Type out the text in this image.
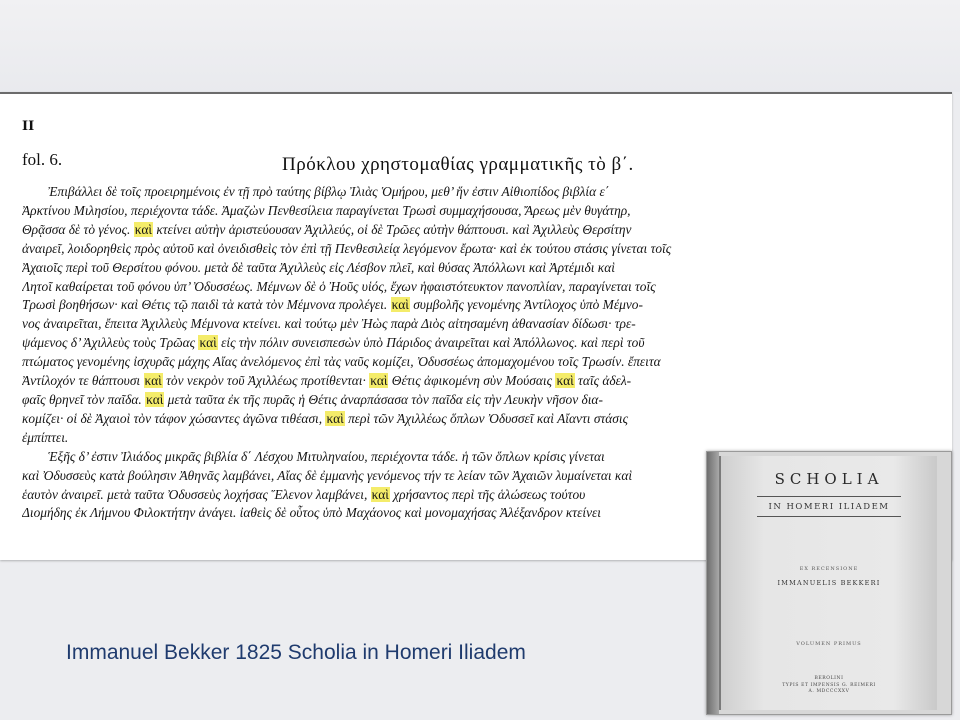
II
fol. 6.	Πρόκλου χρηστομαθίας γραμματικῆς τὸ β΄.
Ἐπιβάλλει δὲ τοῖς προειρημένοις ἐν τῇ πρὸ ταύτης βίβλῳ Ἰλιὰς Ὁμήρου, μεθ’ ἥν ἐστιν Αἰθιοπίδος βιβλία ε΄
Ἀρκτίνου Μιλησίου, περιέχοντα τάδε. Ἀμαζὼν Πενθεσίλεια παραγίνεται Τρωσὶ συμμαχήσουσα, Ἄρεως μὲν θυγάτηρ,
Θρᾷσσα δὲ τὸ γένος. καὶ κτείνει αὐτὴν ἀριστεύουσαν Ἀχιλλεύς, οἱ δὲ Τρῶες αὐτὴν θάπτουσι. καὶ Ἀχιλλεὺς Θερσίτην
ἀναιρεῖ, λοιδορηθεὶς πρὸς αὐτοῦ καὶ ὀνειδισθεὶς τὸν ἐπὶ τῇ Πενθεσιλείᾳ λεγόμενον ἔρωτα· καὶ ἐκ τούτου στάσις γίνεται τοῖς
Ἀχαιοῖς περὶ τοῦ Θερσίτου φόνου. μετὰ δὲ ταῦτα Ἀχιλλεὺς εἰς Λέσβον πλεῖ, καὶ θύσας Ἀπόλλωνι καὶ Ἀρτέμιδι καὶ
Λητοῖ καθαίρεται τοῦ φόνου ὑπ’ Ὀδυσσέως. Μέμνων δὲ ὁ Ἠοῦς υἱός, ἔχων ἡφαιστότευκτον πανοπλίαν, παραγίνεται τοῖς
Τρωσὶ βοηθήσων· καὶ Θέτις τῷ παιδὶ τὰ κατὰ τὸν Μέμνονα προλέγει. καὶ συμβολῆς γενομένης Ἀντίλοχος ὑπὸ Μέμνο-
νος ἀναιρεῖται, ἔπειτα Ἀχιλλεὺς Μέμνονα κτείνει. καὶ τούτῳ μὲν Ἠὼς παρὰ Διὸς αἰτησαμένη ἀθανασίαν δίδωσι· τρε-
ψάμενος δ’ Ἀχιλλεὺς τοὺς Τρῶας καὶ εἰς τὴν πόλιν συνεισπεσὼν ὑπὸ Πάριδος ἀναιρεῖται καὶ Ἀπόλλωνος. καὶ περὶ τοῦ
πτώματος γενομένης ἰσχυρᾶς μάχης Αἴας ἀνελόμενος ἐπὶ τὰς ναῦς κομίζει, Ὀδυσσέως ἀπομαχομένου τοῖς Τρωσίν. ἔπειτα
Ἀντίλοχόν τε θάπτουσι καὶ τὸν νεκρὸν τοῦ Ἀχιλλέως προτίθενται· καὶ Θέτις ἀφικομένη σὺν Μούσαις καὶ ταῖς ἀδελ-
φαῖς θρηνεῖ τὸν παῖδα. καὶ μετὰ ταῦτα ἐκ τῆς πυρᾶς ἡ Θέτις ἀναρπάσασα τὸν παῖδα εἰς τὴν Λευκὴν νῆσον δια-
κομίζει· οἱ δὲ Ἀχαιοὶ τὸν τάφον χώσαντες ἀγῶνα τιθέασι, καὶ περὶ τῶν Ἀχιλλέως ὅπλων Ὀδυσσεῖ καὶ Αἴαντι στάσις
ἐμπίπτει.
Ἑξῆς δ’ ἐστιν Ἰλιάδος μικρᾶς βιβλία δ΄ Λέσχου Μιτυληναίου, περιέχοντα τάδε. ἡ τῶν ὅπλων κρίσις γίνεται
καὶ Ὀδυσσεὺς κατὰ βούλησιν Ἀθηνᾶς λαμβάνει, Αἴας δὲ ἐμμανὴς γενόμενος τήν τε λείαν τῶν Ἀχαιῶν λυμαίνεται καὶ
ἑαυτὸν ἀναιρεῖ. μετὰ ταῦτα Ὀδυσσεὺς λοχήσας Ἕλενον λαμβάνει, καὶ χρήσαντος περὶ τῆς ἁλώσεως τούτου
Διομήδης ἐκ Λήμνου Φιλοκτήτην ἀνάγει. ἰαθεὶς δὲ οὗτος ὑπὸ Μαχάονος καὶ μονομαχήσας Ἀλέξανδρον κτείνει
Immanuel Bekker 1825 Scholia in Homeri Iliadem
SCHOLIA
IN HOMERI ILIADEM
EX RECENSIONE
IMMANUELIS BEKKERI
VOLUMEN PRIMUS
BEROLINI
TYPIS ET IMPENSIS G. REIMERI
A. MDCCCXXV
